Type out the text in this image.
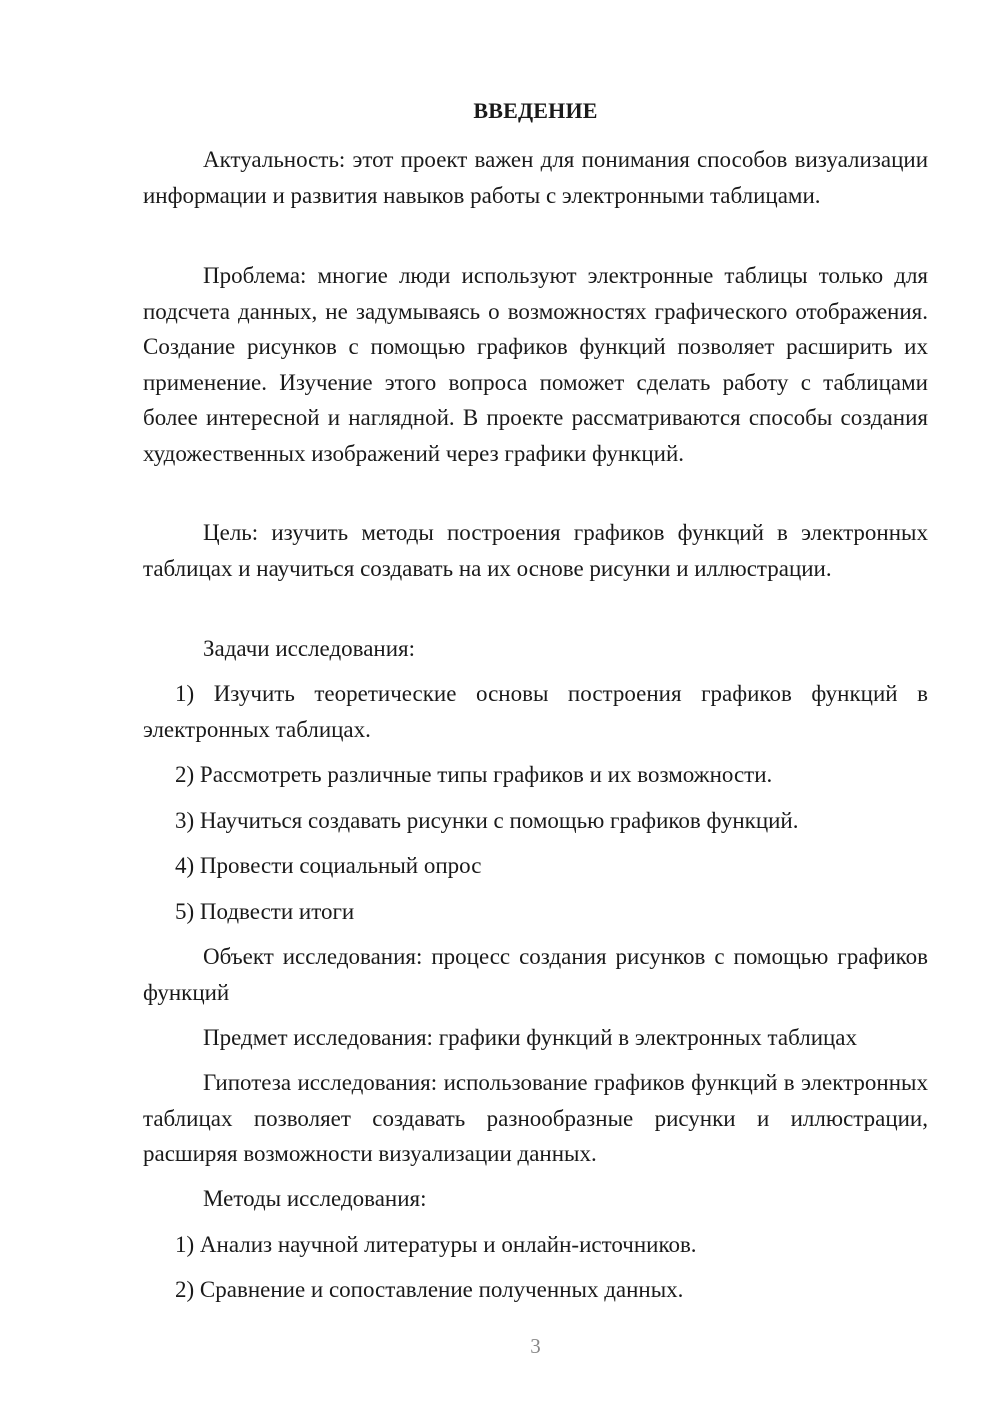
ВВЕДЕНИЕ

Актуальность: этот проект важен для понимания способов визуализации информации и развития навыков работы с электронными таблицами.

Проблема: многие люди используют электронные таблицы только для подсчета данных, не задумываясь о возможностях графического отображения. Создание рисунков с помощью графиков функций позволяет расширить их применение. Изучение этого вопроса поможет сделать работу с таблицами более интересной и наглядной. В проекте рассматриваются способы создания художественных изображений через графики функций.

Цель: изучить методы построения графиков функций в электронных таблицах и научиться создавать на их основе рисунки и иллюстрации.

Задачи исследования:

1) Изучить теоретические основы построения графиков функций в электронных таблицах.

2) Рассмотреть различные типы графиков и их возможности.

3) Научиться создавать рисунки с помощью графиков функций.

4) Провести социальный опрос

5) Подвести итоги

Объект исследования: процесс создания рисунков с помощью графиков функций

Предмет исследования: графики функций в электронных таблицах

Гипотеза исследования: использование графиков функций в электронных таблицах позволяет создавать разнообразные рисунки и иллюстрации, расширяя возможности визуализации данных.

Методы исследования:

1) Анализ научной литературы и онлайн-источников.

2) Сравнение и сопоставление полученных данных.

3
